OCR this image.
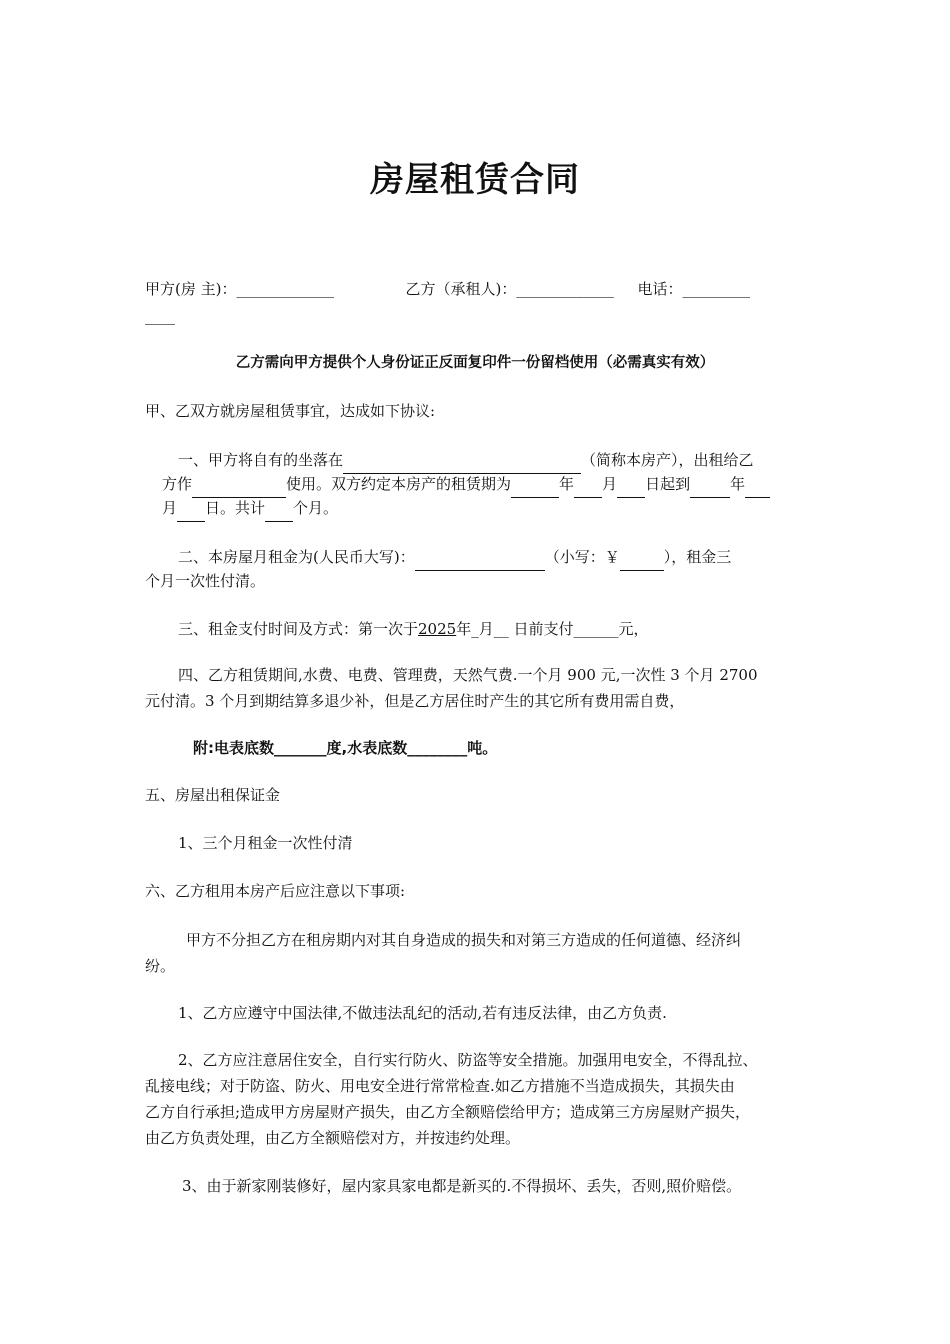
房屋租赁合同
甲方(房 主)：_____________	乙方（承租人)：_____________ 电话：_________
____
乙方需向甲方提供个人身份证正反面复印件一份留档使用（必需真实有效）
甲、乙双方就房屋租赁事宜，达成如下协议:
一、甲方将自有的坐落在	（简称本房产），出租给乙
方作	使用。双方约定本房产的租赁期为	年 月 日起到	年
月 日。共计 个月。
二、本房屋月租金为(人民币大写)：	（小写：￥	），租金三
个月一次性付清。
三、租金支付时间及方式：第一次于2025年_月__ 日前支付______元，
四、乙方租赁期间,水费、电费、管理费，天然气费.一个月 900 元,一次性 3 个月 2700
元付清。3 个月到期结算多退少补，但是乙方居住时产生的其它所有费用需自费，
附:电表底数_______度,水表底数________吨。
五、房屋出租保证金
1、三个月租金一次性付清
六、乙方租用本房产后应注意以下事项:
甲方不分担乙方在租房期内对其自身造成的损失和对第三方造成的任何道德、经济纠
纷。
1、乙方应遵守中国法律,不做违法乱纪的活动,若有违反法律，由乙方负责.
2、乙方应注意居住安全，自行实行防火、防盗等安全措施。加强用电安全，不得乱拉、
乱接电线；对于防盗、防火、用电安全进行常常检查.如乙方措施不当造成损失，其损失由
乙方自行承担;造成甲方房屋财产损失，由乙方全额赔偿给甲方；造成第三方房屋财产损失，
由乙方负责处理，由乙方全额赔偿对方，并按违约处理。
3、由于新家刚装修好，屋内家具家电都是新买的.不得损坏、丢失，否则,照价赔偿。
